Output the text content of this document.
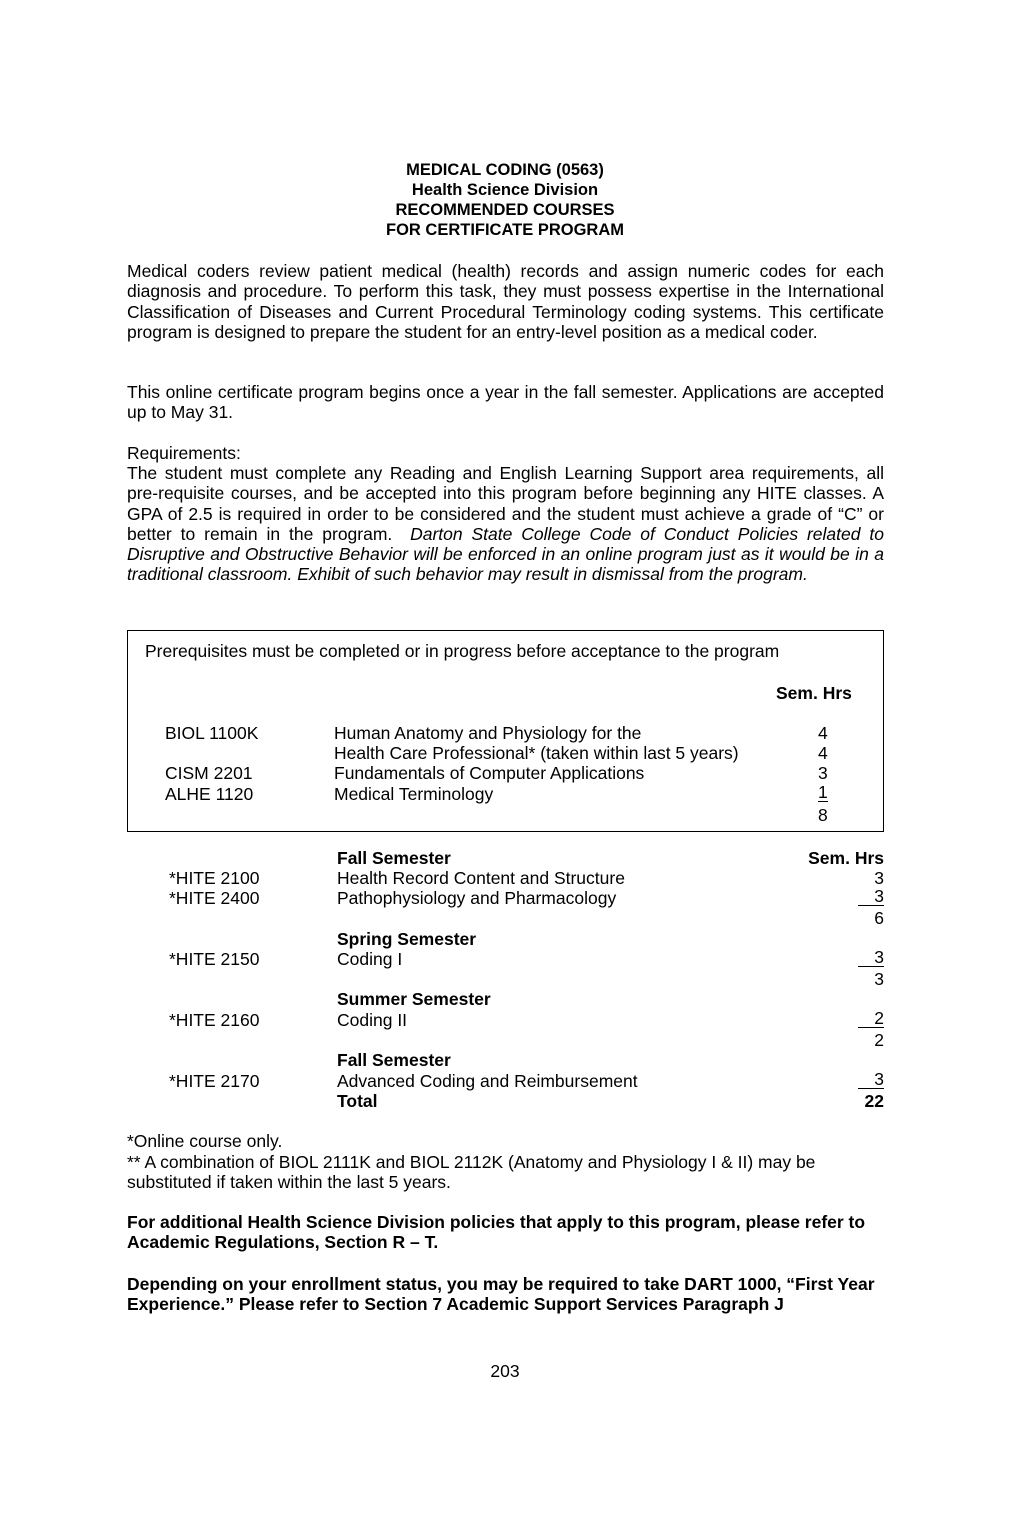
MEDICAL CODING (0563)
Health Science Division
RECOMMENDED COURSES
FOR CERTIFICATE PROGRAM

Medical coders review patient medical (health) records and assign numeric codes for each diagnosis and procedure. To perform this task, they must possess expertise in the International Classification of Diseases and Current Procedural Terminology coding systems. This certificate program is designed to prepare the student for an entry-level position as a medical coder.

This online certificate program begins once a year in the fall semester. Applications are accepted up to May 31.

Requirements:

The student must complete any Reading and English Learning Support area requirements, all pre-requisite courses, and be accepted into this program before beginning any HITE classes. A GPA of 2.5 is required in order to be considered and the student must achieve a grade of “C” or better to remain in the program. Darton State College Code of Conduct Policies related to Disruptive and Obstructive Behavior will be enforced in an online program just as it would be in a traditional classroom. Exhibit of such behavior may result in dismissal from the program.

Prerequisites must be completed or in progress before acceptance to the program
Sem. Hrs
BIOL 1100K	Human Anatomy and Physiology for the	4
Health Care Professional* (taken within last 5 years)	4
CISM 2201	Fundamentals of Computer Applications	3
ALHE 1120	Medical Terminology	1
8
Fall Semester	Sem. Hrs
*HITE 2100	Health Record Content and Structure	3
*HITE 2400	Pathophysiology and Pharmacology	3
6
Spring Semester
*HITE 2150	Coding I	3
3
Summer Semester
*HITE 2160	Coding II	2
2
Fall Semester
*HITE 2170	Advanced Coding and Reimbursement	3
Total	22

*Online course only.

** A combination of BIOL 2111K and BIOL 2112K (Anatomy and Physiology I & II) may be substituted if taken within the last 5 years.

For additional Health Science Division policies that apply to this program, please refer to Academic Regulations, Section R – T.

Depending on your enrollment status, you may be required to take DART 1000, “First Year Experience.” Please refer to Section 7 Academic Support Services Paragraph J

203
